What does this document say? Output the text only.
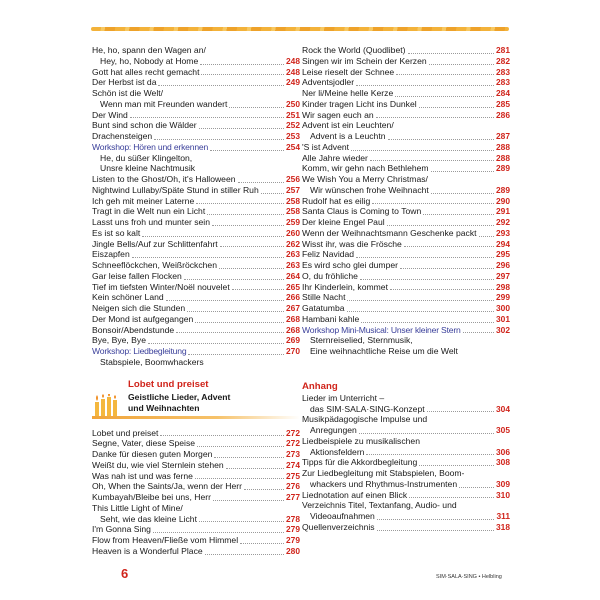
He, ho, spann den Wagen an/
Hey, ho, Nobody at Home	248
Gott hat alles recht gemacht	248
Der Herbst ist da	249
Schön ist die Welt/
Wenn man mit Freunden wandert	250
Der Wind	251
Bunt sind schon die Wälder	252
Drachensteigen	253
Workshop: Hören und erkennen	254
He, du süßer Klingelton,
Unsre kleine Nachtmusik
Listen to the Ghost/Oh, it's Halloween	256
Nightwind Lullaby/Späte Stund in stiller Ruh	257
Ich geh mit meiner Laterne	258
Tragt in die Welt nun ein Licht	258
Lasst uns froh und munter sein	259
Es ist so kalt	260
Jingle Bells/Auf zur Schlittenfahrt	262
Eiszapfen	263
Schneeflöckchen, Weißröckchen	263
Gar leise fallen Flocken	264
Tief im tiefsten Winter/Noël nouvelet	265
Kein schöner Land	266
Neigen sich die Stunden	267
Der Mond ist aufgegangen	268
Bonsoir/Abendstunde	268
Bye, Bye, Bye	269
Workshop: Liedbegleitung	270
Stabspiele, Boomwhackers
Lobet und preiset
Geistliche Lieder, Advent
und Weihnachten
Lobet und preiset	272
Segne, Vater, diese Speise	272
Danke für diesen guten Morgen	273
Weißt du, wie viel Sternlein stehen	274
Was nah ist und was ferne	275
Oh, When the Saints/Ja, wenn der Herr	276
Kumbayah/Bleibe bei uns, Herr	277
This Little Light of Mine/
Seht, wie das kleine Licht	278
I'm Gonna Sing	279
Flow from Heaven/Fließe vom Himmel	279
Heaven is a Wonderful Place	280
Rock the World (Quodlibet)	281
Singen wir im Schein der Kerzen	282
Leise rieselt der Schnee	283
Adventsjodler	283
Ner li/Meine helle Kerze	284
Kinder tragen Licht ins Dunkel	285
Wir sagen euch an	286
Advent ist ein Leuchten/
Advent is a Leuchtn	287
'S ist Advent	288
Alle Jahre wieder	288
Komm, wir gehn nach Bethlehem	289
We Wish You a Merry Christmas/
Wir wünschen frohe Weihnacht	289
Rudolf hat es eilig	290
Santa Claus is Coming to Town	291
Der kleine Engel Paul	292
Wenn der Weihnachtsmann Geschenke packt 293
Wisst ihr, was die Frösche	294
Feliz Navidad	295
Es wird scho glei dumper	296
O, du fröhliche	297
Ihr Kinderlein, kommet	298
Stille Nacht	299
Gatatumba	300
Hambani kahle	301
Workshop Mini-Musical: Unser kleiner Stern	302
Sternreiselied, Sternmusik,
Eine weihnachtliche Reise um die Welt
Anhang
Lieder im Unterricht –
das SIM·SALA·SING-Konzept	304
Musikpädagogische Impulse und
Anregungen	305
Liedbeispiele zu musikalischen
Aktionsfeldern	306
Tipps für die Akkordbegleitung	308
Zur Liedbegleitung mit Stabspielen, Boom-
whackers und Rhythmus-Instrumenten	309
Liednotation auf einen Blick	310
Verzeichnis Titel, Textanfang, Audio- und
Videoaufnahmen	311
Quellenverzeichnis	318
6	SIM·SALA·SING • Helbling
